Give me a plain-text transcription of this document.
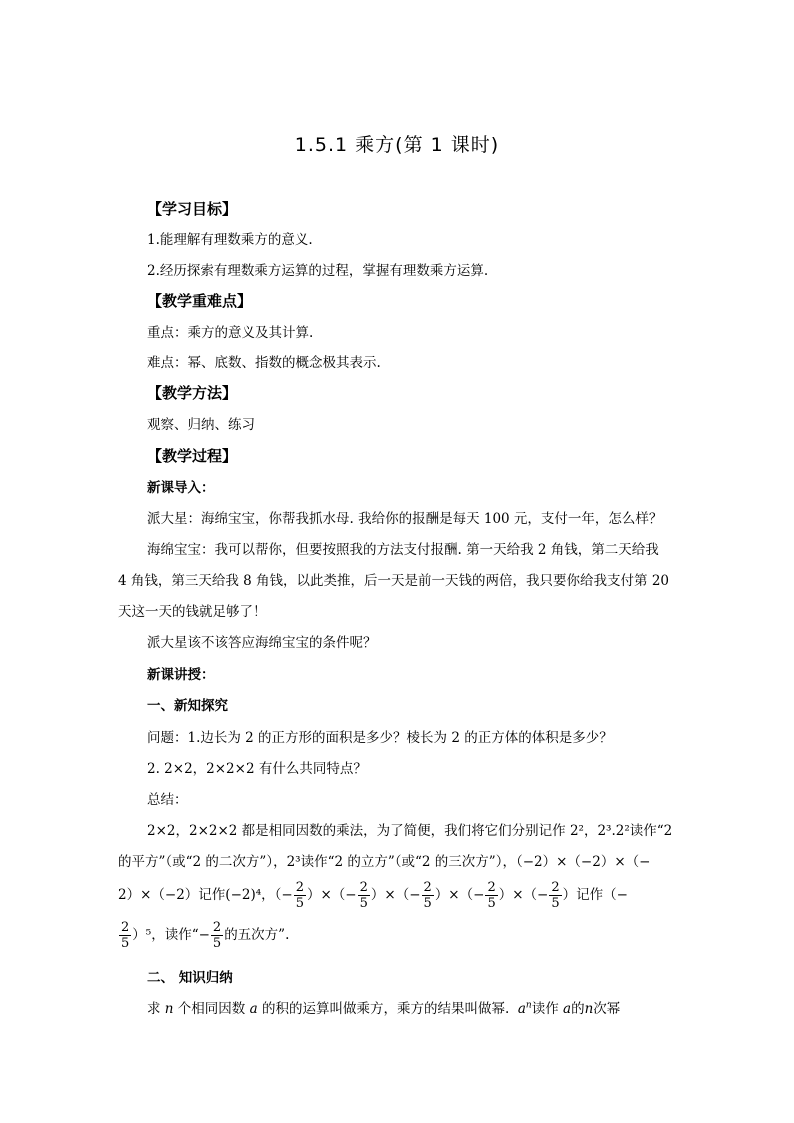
1.5.1 乘方(第 1 课时)
【学习目标】
1.能理解有理数乘方的意义.
2.经历探索有理数乘方运算的过程，掌握有理数乘方运算.
【教学重难点】
重点：乘方的意义及其计算.
难点：幂、底数、指数的概念极其表示.
【教学方法】
观察、归纳、练习
【教学过程】
新课导入：
派大星：海绵宝宝，你帮我抓水母. 我给你的报酬是每天 100 元，支付一年，怎么样？
海绵宝宝：我可以帮你，但要按照我的方法支付报酬. 第一天给我 2 角钱，第二天给我
4 角钱，第三天给我 8 角钱，以此类推，后一天是前一天钱的两倍，我只要你给我支付第 20
天这一天的钱就足够了！
派大星该不该答应海绵宝宝的条件呢？
新课讲授：
一、新知探究
问题：1.边长为 2 的正方形的面积是多少？棱长为 2 的正方体的体积是多少？
2. 2×2，2×2×2 有什么共同特点？
总结：
2×2，2×2×2 都是相同因数的乘法，为了简便，我们将它们分别记作 2²，2³.2²读作“2
的平方”（或“2 的二次方”），2³读作“2 的立方”（或“2 的三次方”），（−2）×（−2）×（−
2）×（−2）记作(−2)⁴，（− $\frac{2}{5}$ ）×（− $\frac{2}{5}$ ）×（− $\frac{2}{5}$ ）×（− $\frac{2}{5}$ ）×（− $\frac{2}{5}$ ）记作（−
$\frac{2}{5} )^5$，读作“− $\frac{2}{5}$ 的五次方”.
二、 知识归纳
求 n 个相同因数 a 的积的运算叫做乘方，乘方的结果叫做幂. $a^n$读作 a的n次幂
